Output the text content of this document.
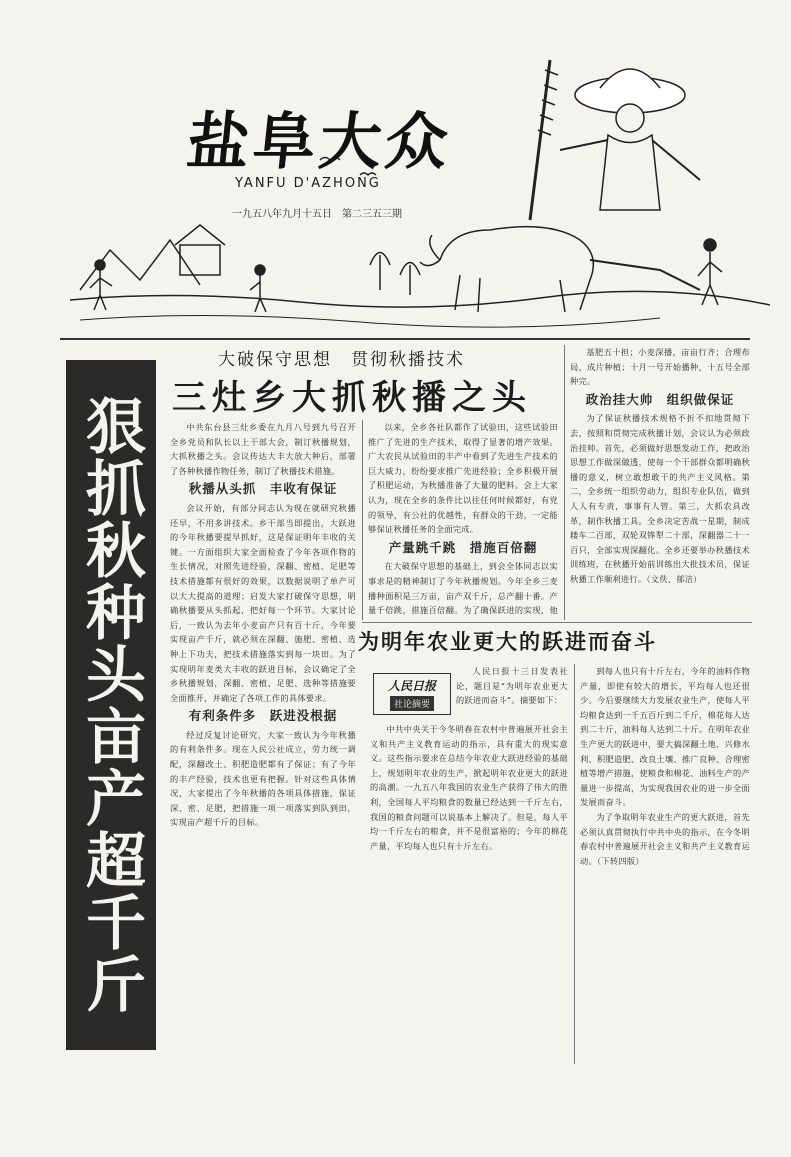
盐阜大众
YANFU D'AZHONG
一九五八年九月十五日　第二三五三期
狠抓秋种头亩产超千斤
大破保守思想　贯彻秋播技术
三灶乡大抓秋播之头

中共东台县三灶乡委在九月八号到九号召开全乡党员和队长以上干部大会，制订秋播规划，大抓秋播之头。会议传达大丰大放大种后，部署了各种秋播作物任务，制订了秋播技术措施。

秋播从头抓　丰收有保证

会议开始，有部分同志认为现在就研究秋播还早，不用多讲技术。乡干部当即提出，大跃进的今年秋播要提早抓好，这是保证明年丰收的关键。一方面组织大家全面检查了今年各项作物的生长情况，对照先进经验，深翻、密植、足肥等技术措施都有很好的效果，以数据说明了单产可以大大提高的道理；启发大家打破保守思想，明确秋播要从头抓起，把好每一个环节。大家讨论后，一致认为去年小麦亩产只有百十斤，今年要实现亩产千斤，就必须在深翻、施肥、密植、选种上下功夫，把技术措施落实到每一块田。为了实现明年麦类大丰收的跃进目标，会议确定了全乡秋播规划，深翻、密植、足肥、选种等措施要全面推开，并确定了各项工作的具体要求。

有利条件多　跃进没根据

经过反复讨论研究，大家一致认为今年秋播的有利条件多。现在人民公社成立，劳力统一调配，深翻改土、积肥造肥都有了保证；有了今年的丰产经验，技术也更有把握。针对这些具体情况，大家提出了今年秋播的各项具体措施，保证深、密、足肥，把措施一项一项落实到队到田，实现亩产超千斤的目标。

以来，全乡各社队都作了试验田，这些试验田推广了先进的生产技术，取得了显著的增产效果。广大农民从试验田的丰产中看到了先进生产技术的巨大威力，纷纷要求推广先进经验；全乡积极开展了积肥运动，为秋播准备了大量的肥料。会上大家认为，现在全乡的条件比以往任何时候都好，有党的领导，有公社的优越性，有群众的干劲，一定能够保证秋播任务的全面完成。

产量跳千跳　措施百倍翻

在大破保守思想的基础上，到会全体同志以实事求是的精神制订了今年秋播规划。今年全乡三麦播种面积是三万亩，亩产双千斤，总产翻十番。产量千倍跳，措施百倍翻。为了确保跃进的实现，他

基肥五十担；小麦深播，亩亩行齐；合理布局，成片种植；十月一号开始播种，十五号全部种完。

政治挂大帅　组织做保证

为了保证秋播技术规格不折不扣地贯彻下去，按照和贯彻完成秋播计划，会议认为必须政治挂帅。首先，必须做好思想发动工作，把政治思想工作做深做透，使每一个干部群众都明确秋播的意义，树立敢想敢干的共产主义风格。第二，全乡统一组织劳动力，组织专业队伍，做到人人有专责，事事有人管。第三，大抓农具改革，制作秋播工具。全乡决定苦战一星期，制成耧车二百部，双轮双铧犁二十部，深翻器二十一百只，全部实现深翻化。全乡还要举办秋播技术训练班，在秋播开始前训练出大批技术员，保证秋播工作顺利进行。（文佚、郁洁）

为明年农业更大的跃进而奋斗
人民日报
社论摘要

人民日报十三日发表社论，题目是“为明年农业更大的跃进而奋斗”。摘要如下：

中共中央关于今冬明春在农村中普遍展开社会主义和共产主义教育运动的指示，具有重大的现实意义。这些指示要求在总结今年农业大跃进经验的基础上，规划明年农业的生产，掀起明年农业更大的跃进的高潮。一九五八年我国的农业生产获得了伟大的胜利，全国每人平均粮食的数量已经达到一千斤左右，我国的粮食问题可以说基本上解决了。但是，每人平均一千斤左右的粮食，并不是很富裕的；今年的棉花产量，平均每人也只有十斤左右。

到每人也只有十斤左右，今年的油料作物产量，即使有较大的增长，平均每人也还很少。今后要继续大力发展农业生产，使每人平均粮食达到一千五百斤到二千斤，棉花每人达到二十斤，油料每人达到二十斤。在明年农业生产更大的跃进中，要大搞深翻土地、兴修水利、积肥造肥、改良土壤、推广良种、合理密植等增产措施，使粮食和棉花、油料生产的产量进一步提高，为实现我国农业的进一步全面发展而奋斗。

为了争取明年农业生产的更大跃进，首先必须认真贯彻执行中共中央的指示，在今冬明春农村中普遍展开社会主义和共产主义教育运动。（下转四版）
